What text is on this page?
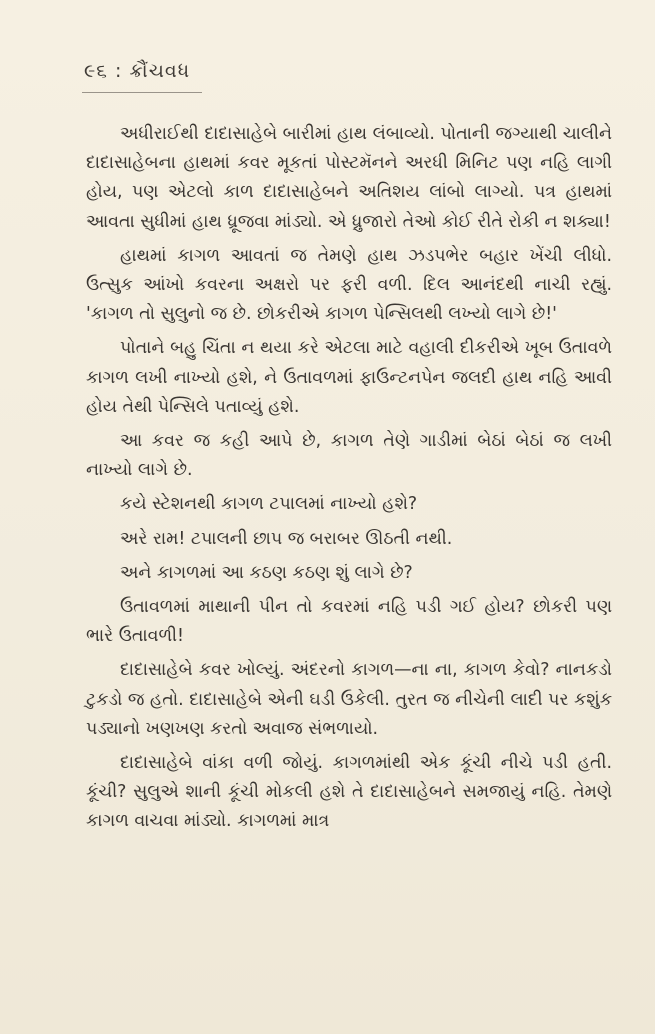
૯૬ : ક્રૌંચવધ

અધીરાઈથી દાદાસાહેબે બારીમાં હાથ લંબાવ્યો. પોતાની જગ્યાથી ચાલીને દાદાસાહેબના હાથમાં કવર મૂકતાં પોસ્ટમૅનને અરધી મિનિટ પણ નહિ લાગી હોય, પણ એટલો કાળ દાદાસાહેબને અતિશય લાંબો લાગ્યો. પત્ર હાથમાં આવતા સુધીમાં હાથ ધ્રૂજવા માંડ્યો. એ ધ્રુજારો તેઓ કોઈ રીતે રોકી ન શક્યા!

હાથમાં કાગળ આવતાં જ તેમણે હાથ ઝડપભેર બહાર ખેંચી લીધો. ઉત્સુક આંખો કવરના અક્ષરો પર ફરી વળી. દિલ આનંદથી નાચી રહ્યું. 'કાગળ તો સુલુનો જ છે. છોકરીએ કાગળ પેન્સિલથી લખ્યો લાગે છે!'

પોતાને બહુ ચિંતા ન થયા કરે એટલા માટે વહાલી દીકરીએ ખૂબ ઉતાવળે કાગળ લખી નાખ્યો હશે, ને ઉતાવળમાં ફાઉન્ટનપેન જલદી હાથ નહિ આવી હોય તેથી પેન્સિલે પતાવ્યું હશે.

આ કવર જ કહી આપે છે, કાગળ તેણે ગાડીમાં બેઠાં બેઠાં જ લખી નાખ્યો લાગે છે.

કયે સ્ટેશનથી કાગળ ટપાલમાં નાખ્યો હશે?

અરે રામ! ટપાલની છાપ જ બરાબર ઊઠતી નથી.

અને કાગળમાં આ કઠણ કઠણ શું લાગે છે?

ઉતાવળમાં માથાની પીન તો કવરમાં નહિ પડી ગઈ હોય? છોકરી પણ ભારે ઉતાવળી!

દાદાસાહેબે કવર ખોલ્યું. અંદરનો કાગળ—ના ના, કાગળ કેવો? નાનકડો ટુકડો જ હતો. દાદાસાહેબે એની ઘડી ઉકેલી. તુરત જ નીચેની લાદી પર કશુંક પડ્યાનો ખણખણ કરતો અવાજ સંભળાયો.

દાદાસાહેબે વાંકા વળી જોયું. કાગળમાંથી એક કૂંચી નીચે પડી હતી. કૂંચી? સુલુએ શાની કૂંચી મોકલી હશે તે દાદાસાહેબને સમજાયું નહિ. તેમણે કાગળ વાચવા માંડ્યો. કાગળમાં માત્ર
